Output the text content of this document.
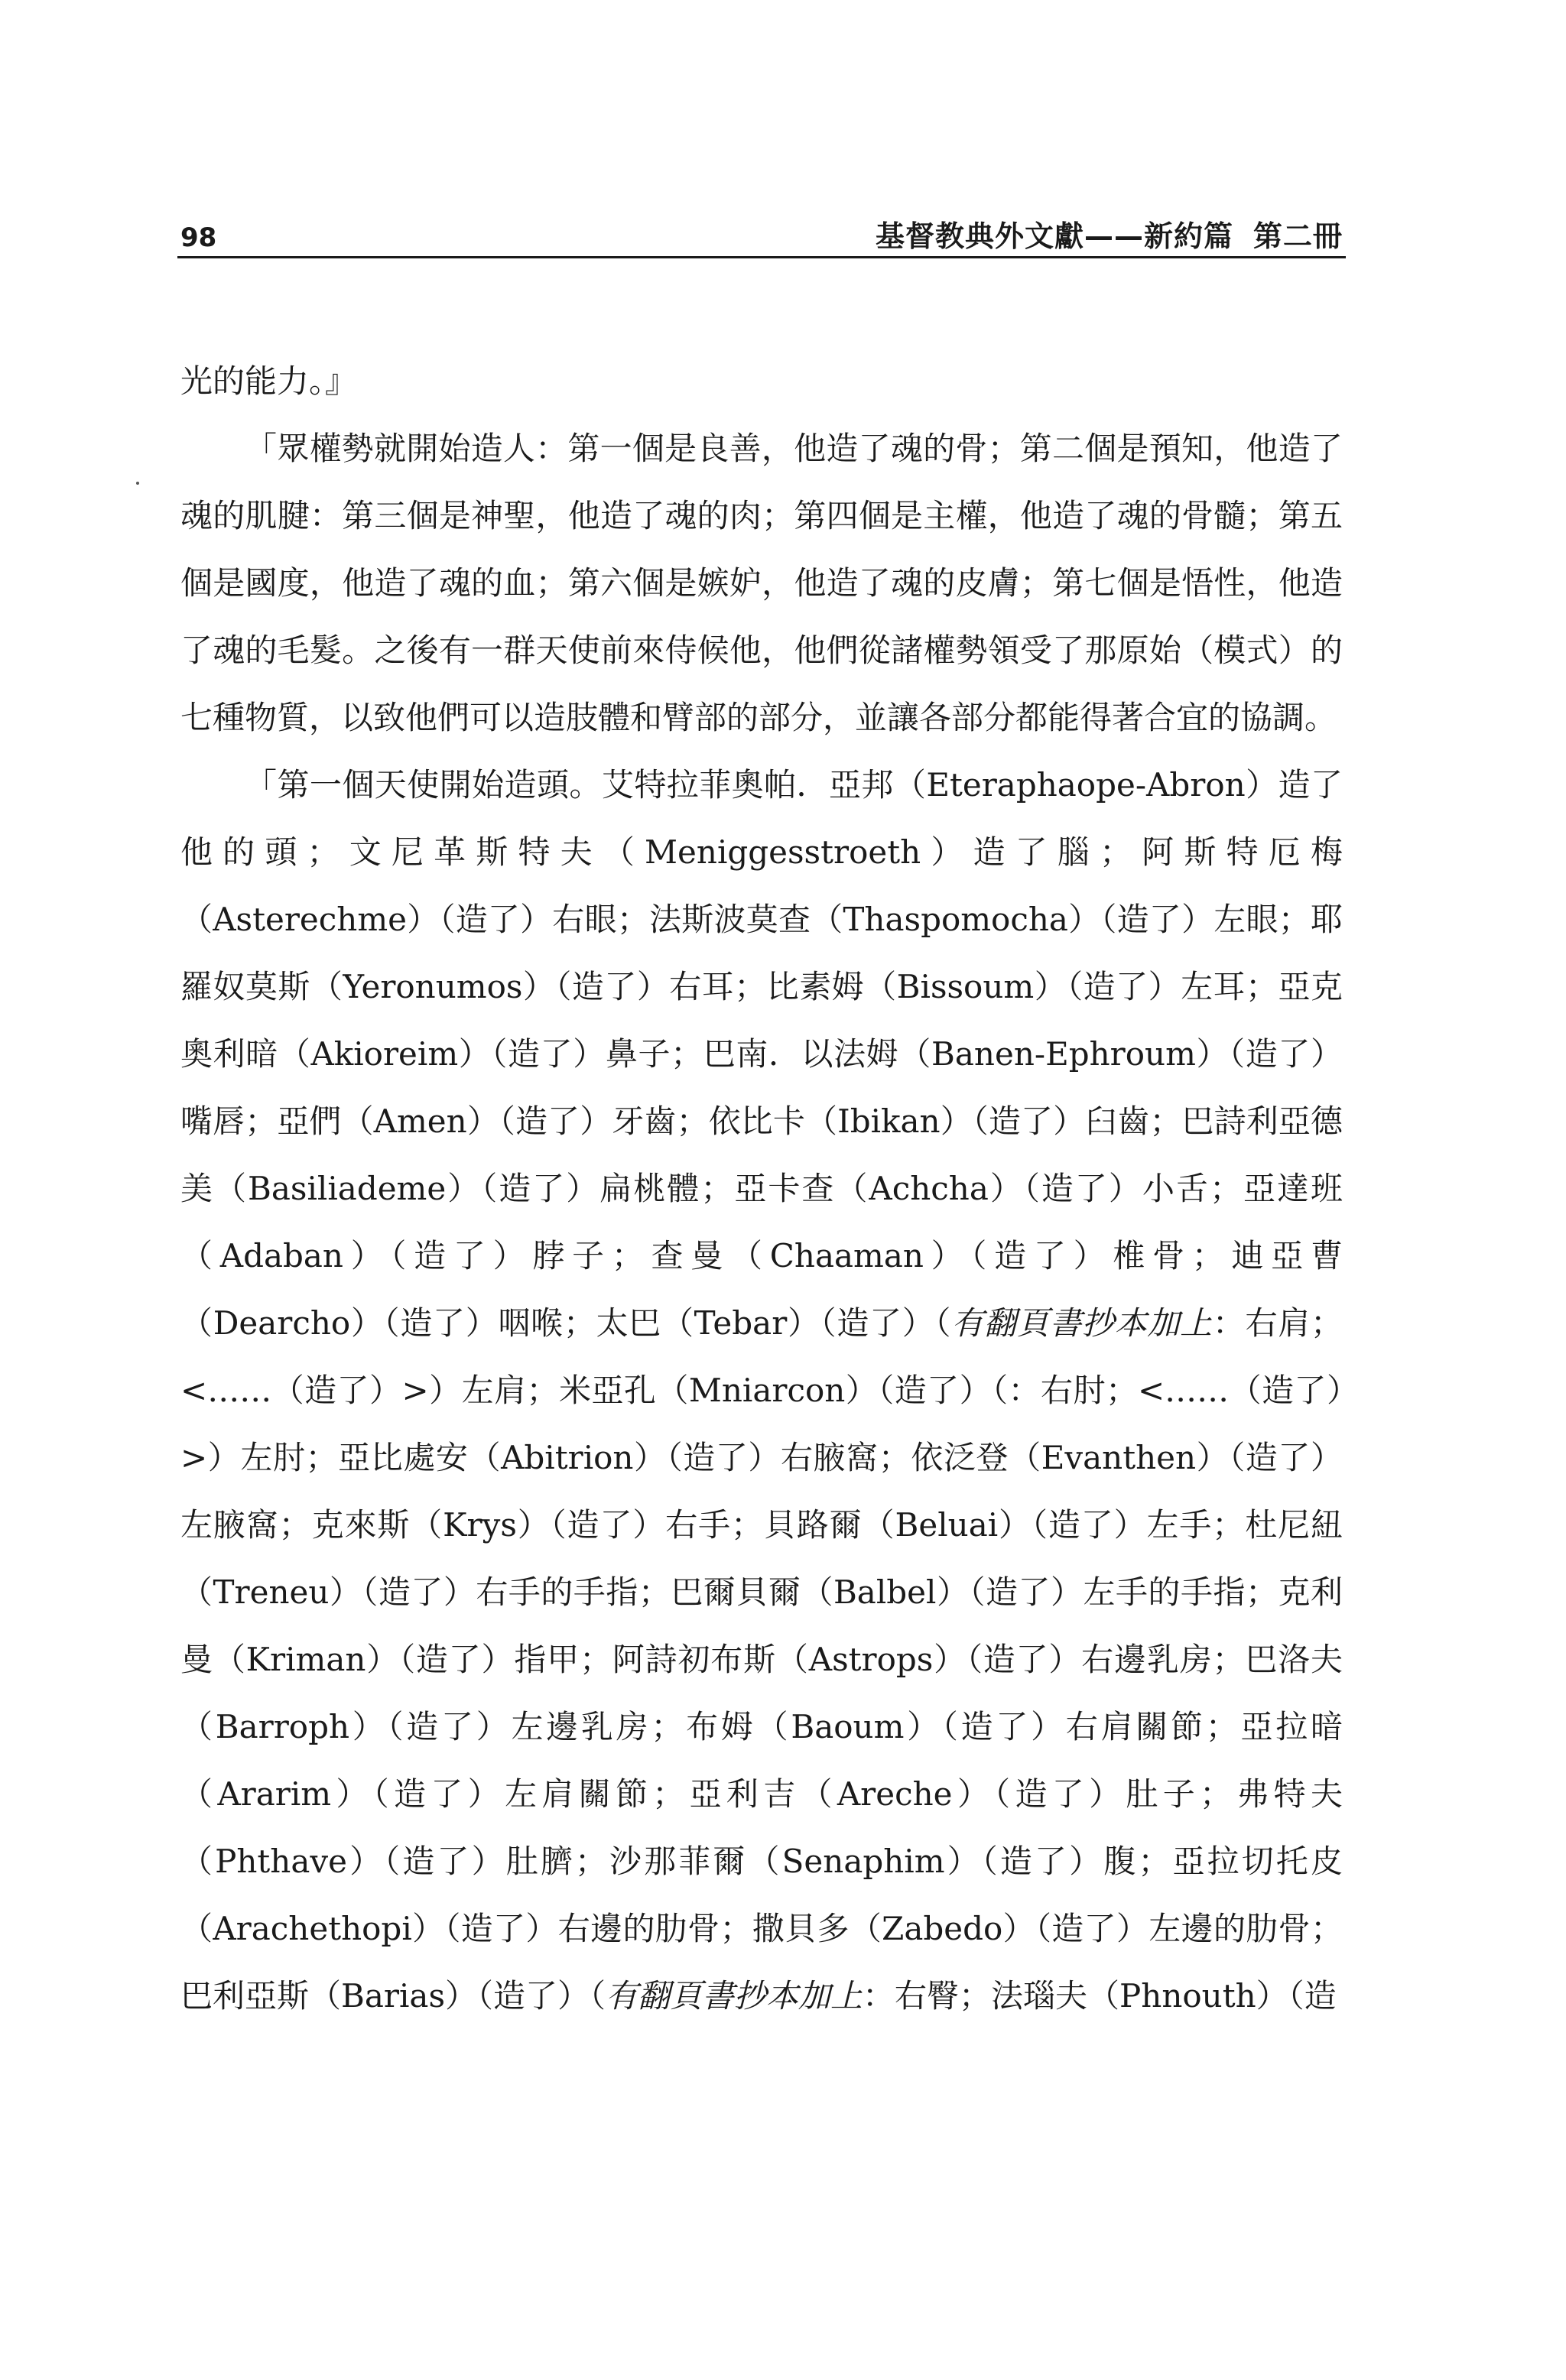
98	基督教典外文獻——新約篇 第二冊

光的能力。』

「眾權勢就開始造人：第一個是良善，他造了魂的骨；第二個是預知，他造了魂的肌腱：第三個是神聖，他造了魂的肉；第四個是主權，他造了魂的骨髓；第五個是國度，他造了魂的血；第六個是嫉妒，他造了魂的皮膚；第七個是悟性，他造了魂的毛髮。之後有一群天使前來侍候他，他們從諸權勢領受了那原始（模式）的七種物質，以致他們可以造肢體和臂部的部分，並讓各部分都能得著合宜的協調。

「第一個天使開始造頭。艾特拉菲奧帕．亞邦（Eteraphaope-Abron）造了他的頭；文尼革斯特夫（Meniggesstroeth）造了腦；阿斯特厄梅（Asterechme）（造了）右眼；法斯波莫查（Thaspomocha）（造了）左眼；耶羅奴莫斯（Yeronumos）（造了）右耳；比素姆（Bissoum）（造了）左耳；亞克奧利暗（Akioreim）（造了）鼻子；巴南．以法姆（Banen-Ephroum）（造了）嘴唇；亞們（Amen）（造了）牙齒；依比卡（Ibikan）（造了）臼齒；巴詩利亞德美（Basiliademe）（造了）扁桃體；亞卡查（Achcha）（造了）小舌；亞達班（Adaban）（造了）脖子；查曼（Chaaman）（造了）椎骨；迪亞曹（Dearcho）（造了）咽喉；太巴（Tebar）（造了）（有翻頁書抄本加上：右肩；<……（造了）>）左肩；米亞孔（Mniarcon）（造了）（：右肘；<……（造了）>）左肘；亞比處安（Abitrion）（造了）右腋窩；依泛登（Evanthen）（造了）左腋窩；克來斯（Krys）（造了）右手；貝路爾（Beluai）（造了）左手；杜尼紐（Treneu）（造了）右手的手指；巴爾貝爾（Balbel）（造了）左手的手指；克利曼（Kriman）（造了）指甲；阿詩初布斯（Astrops）（造了）右邊乳房；巴洛夫（Barroph）（造了）左邊乳房；布姆（Baoum）（造了）右肩關節；亞拉暗（Ararim）（造了）左肩關節；亞利吉（Areche）（造了）肚子；弗特夫（Phthave）（造了）肚臍；沙那菲爾（Senaphim）（造了）腹；亞拉切托皮（Arachethopi）（造了）右邊的肋骨；撒貝多（Zabedo）（造了）左邊的肋骨；巴利亞斯（Barias）（造了）（有翻頁書抄本加上：右臀；法瑙夫（Phnouth）（造
